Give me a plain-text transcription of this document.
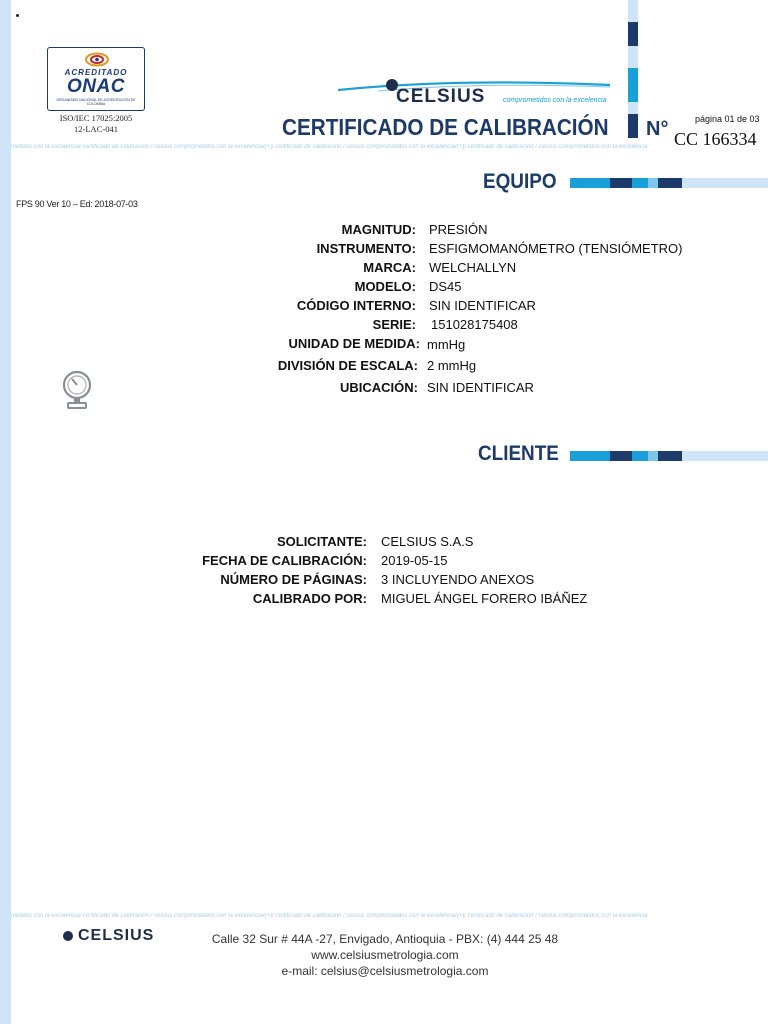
ACREDITADO
ONAC
ORGANISMO NACIONAL DE ACREDITACIÓN DE COLOMBIA
ISO/IEC 17025:2005
12-LAC-041
CELSIUS	comprometidos con la excelencia
CERTIFICADO DE CALIBRACIÓN N°	página 01 de 03
CC 166334
metidos con la excelencia/ certificado de calibración / celsius comprometidos con la excelencia/(+)/ certificado de calibración / celsius comprometidos con la excelencia/(+)/ certificado de calibración / celsius comprometidos con la excelencia
metidos con la excelencia/ certificado de calibración / celsius comprometidos con la excelencia/(+)/ certificado de calibración / celsius comprometidos con la excelencia/(+)/ certificado de calibración / celsius comprometidos con la excelencia
EQUIPO
FPS 90 Ver 10 – Ed: 2018-07-03
MAGNITUD: PRESIÓN
INSTRUMENTO: ESFIGMOMANÓMETRO (TENSIÓMETRO)
MARCA: WELCHALLYN
MODELO: DS45
CÓDIGO INTERNO: SIN IDENTIFICAR
SERIE: 151028175408
UNIDAD DE MEDIDA: mmHg
DIVISIÓN DE ESCALA: 2 mmHg
UBICACIÓN: SIN IDENTIFICAR
CLIENTE
SOLICITANTE: CELSIUS S.A.S
FECHA DE CALIBRACIÓN: 2019-05-15
NÚMERO DE PÁGINAS: 3 INCLUYENDO ANEXOS
CALIBRADO POR: MIGUEL ÁNGEL FORERO IBÁÑEZ
CELSIUS	Calle 32 Sur # 44A -27, Envigado, Antioquia - PBX: (4) 444 25 48
www.celsiusmetrologia.com
e-mail: celsius@celsiusmetrologia.com
